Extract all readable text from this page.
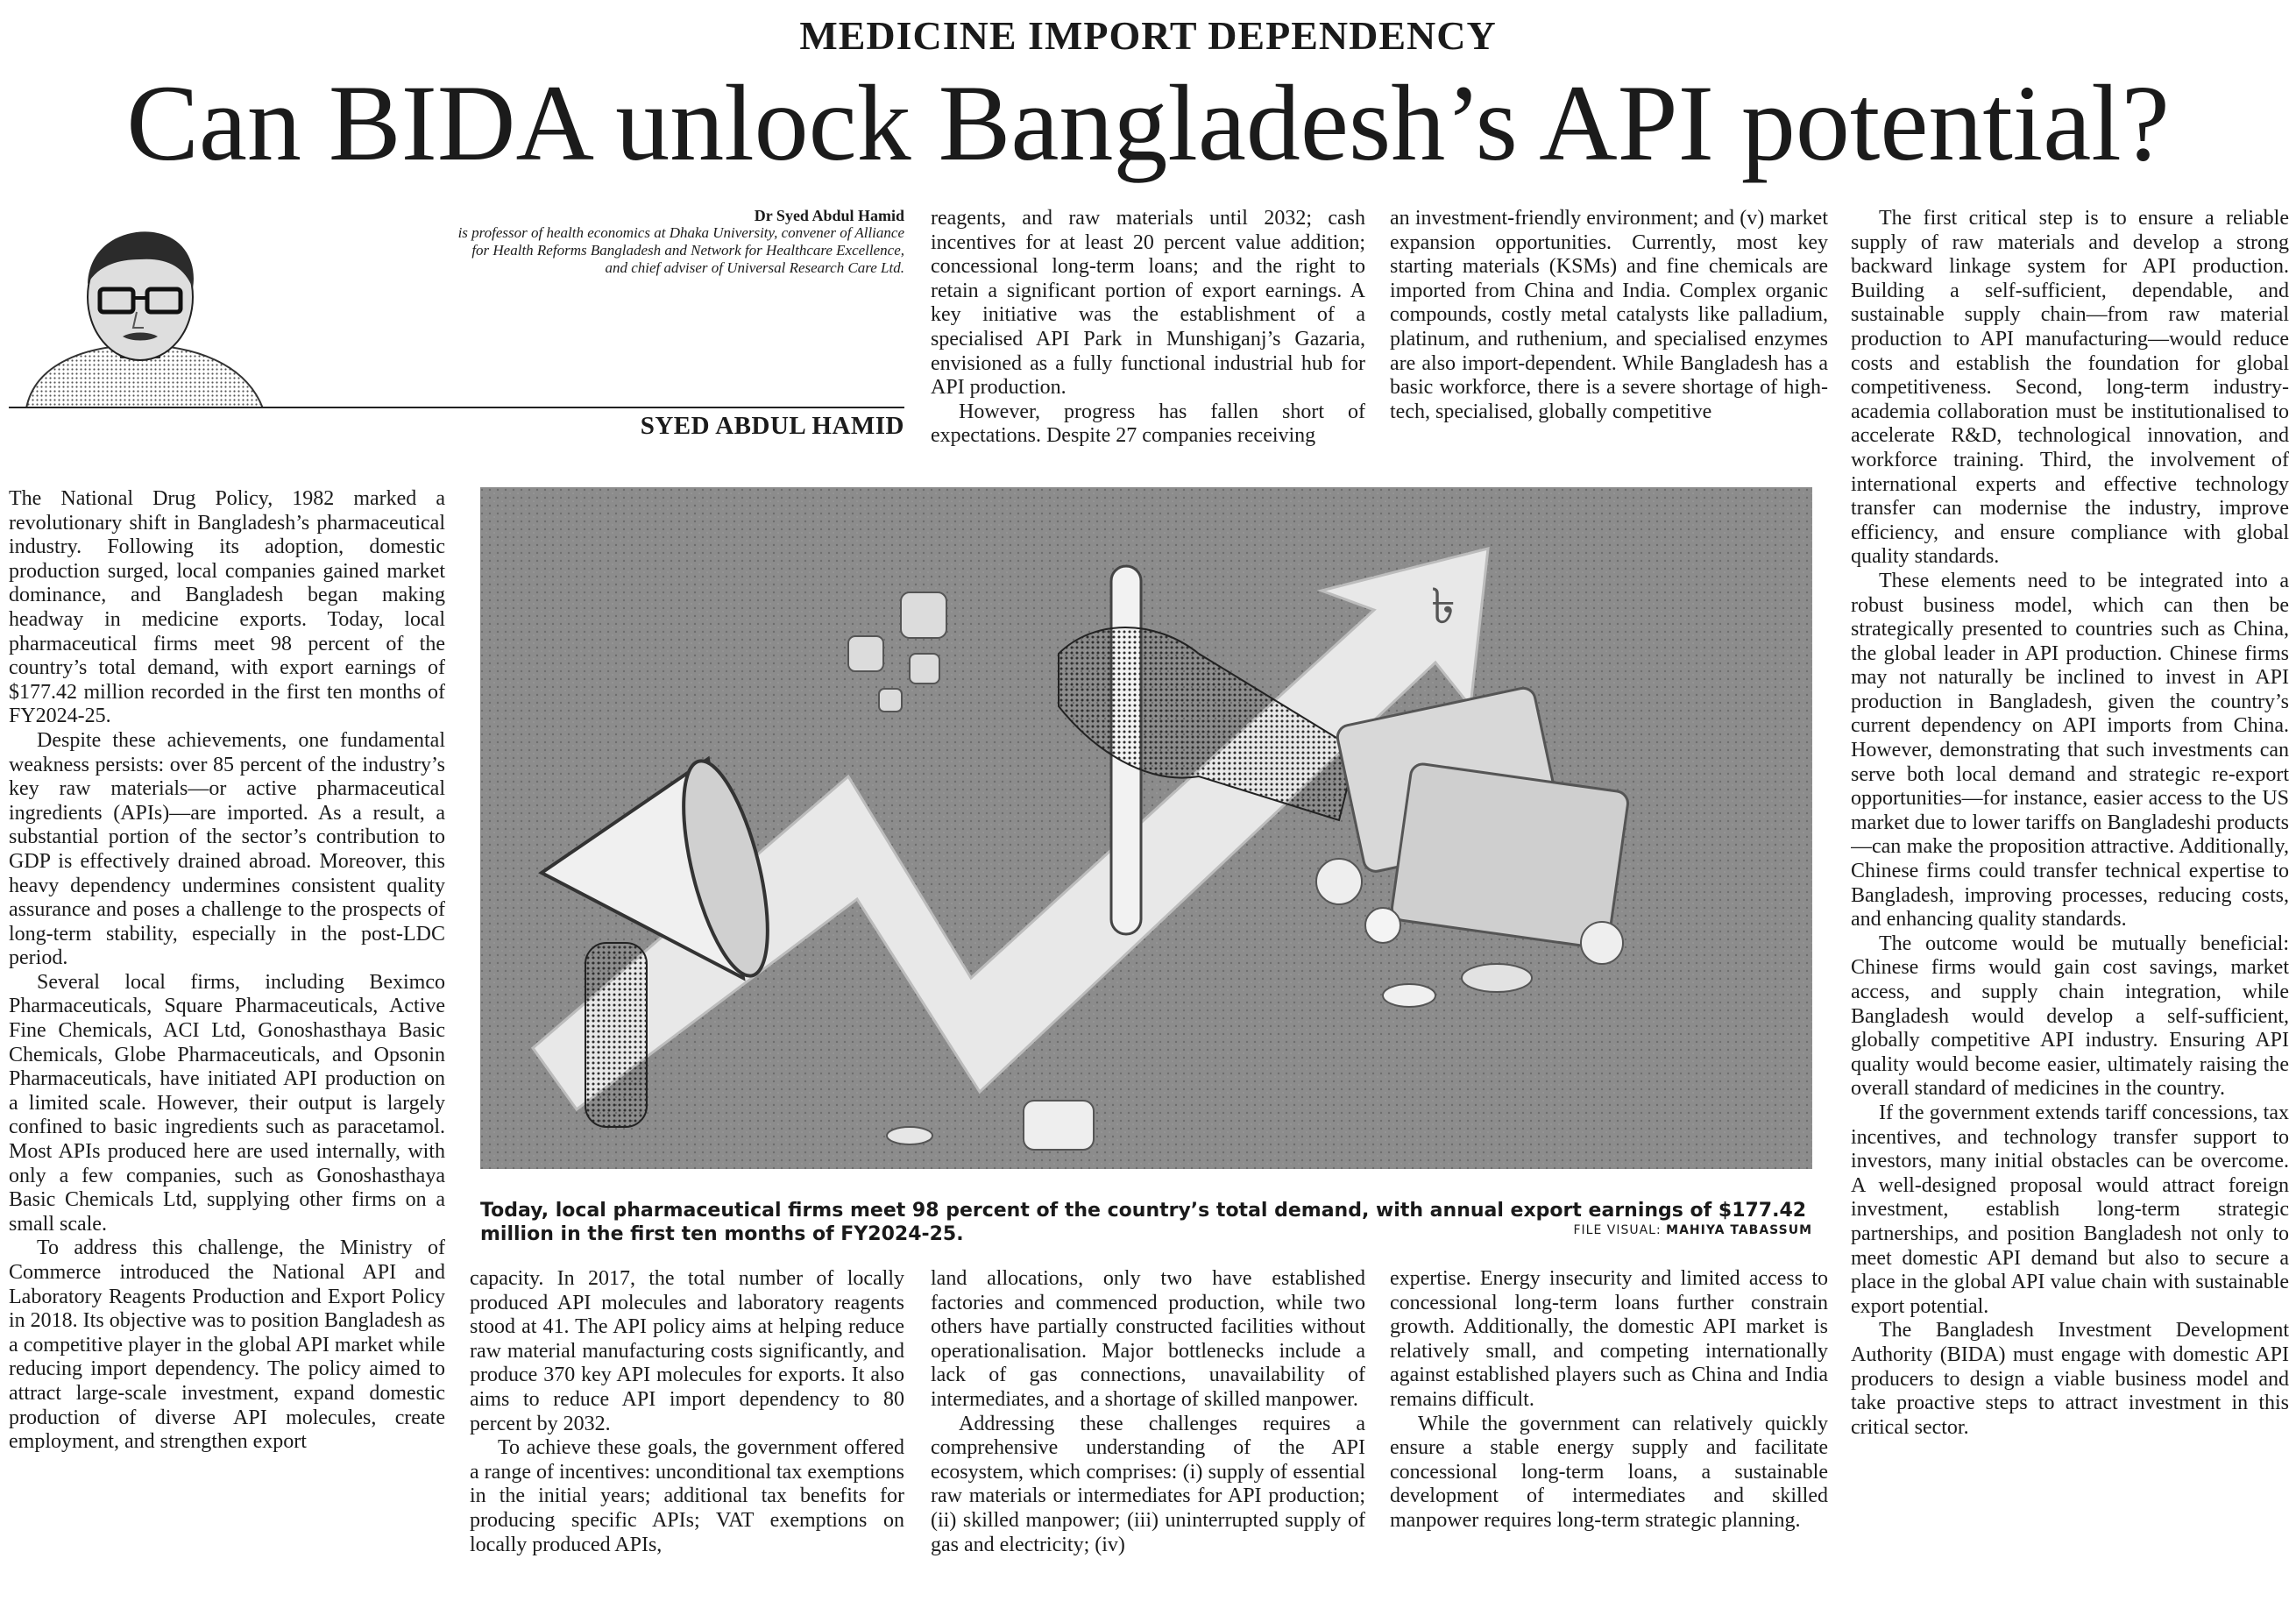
MEDICINE IMPORT DEPENDENCY
Can BIDA unlock Bangladesh’s API potential?
Dr Syed Abdul Hamid
is professor of health economics at Dhaka University, convener of Alliance for Health Reforms Bangladesh and Network for Healthcare Excellence, and chief adviser of Universal Research Care Ltd.
SYED ABDUL HAMID

The National Drug Policy, 1982 marked a revolutionary shift in Bangladesh’s pharmaceutical industry. Following its adoption, domestic production surged, local companies gained market dominance, and Bangladesh began making headway in medicine exports. Today, local pharmaceutical firms meet 98 percent of the country’s total demand, with export earnings of $177.42 million recorded in the first ten months of FY2024-25.

Despite these achievements, one fundamental weakness persists: over 85 percent of the industry’s key raw materials—or active pharmaceutical ingredients (APIs)—are imported. As a result, a substantial portion of the sector’s contribution to GDP is effectively drained abroad. Moreover, this heavy dependency undermines consistent quality assurance and poses a challenge to the prospects of long-term stability, especially in the post-LDC period.

Several local firms, including Beximco Pharmaceuticals, Square Pharmaceuticals, Active Fine Chemicals, ACI Ltd, Gonoshasthaya Basic Chemicals, Globe Pharmaceuticals, and Opsonin Pharmaceuticals, have initiated API production on a limited scale. However, their output is largely confined to basic ingredients such as paracetamol. Most APIs produced here are used internally, with only a few companies, such as Gonoshasthaya Basic Chemicals Ltd, supplying other firms on a small scale.

To address this challenge, the Ministry of Commerce introduced the National API and Laboratory Reagents Production and Export Policy in 2018. Its objective was to position Bangladesh as a competitive player in the global API market while reducing import dependency. The policy aimed to attract large-scale investment, expand domestic production of diverse API molecules, create employment, and strengthen export

reagents, and raw materials until 2032; cash incentives for at least 20 percent value addition; concessional long-term loans; and the right to retain a significant portion of export earnings. A key initiative was the establishment of a specialised API Park in Munshiganj’s Gazaria, envisioned as a fully functional industrial hub for API production.

However, progress has fallen short of expectations. Despite 27 companies receiving

an investment-friendly environment; and (v) market expansion opportunities. Currently, most key starting materials (KSMs) and fine chemicals are imported from China and India. Complex organic compounds, costly metal catalysts like palladium, platinum, and ruthenium, and specialised enzymes are also import-dependent. While Bangladesh has a basic workforce, there is a severe shortage of high-tech, specialised, globally competitive

৳
Today, local pharmaceutical firms meet 98 percent of the country’s total demand, with annual export earnings of $177.42 million in the first ten months of FY2024-25.	FILE VISUAL: MAHIYA TABASSUM

capacity. In 2017, the total number of locally produced API molecules and laboratory reagents stood at 41. The API policy aims at helping reduce raw material manufacturing costs significantly, and produce 370 key API molecules for exports. It also aims to reduce API import dependency to 80 percent by 2032.

To achieve these goals, the government offered a range of incentives: unconditional tax exemptions in the initial years; additional tax benefits for producing specific APIs; VAT exemptions on locally produced APIs,

land allocations, only two have established factories and commenced production, while two others have partially constructed facilities without operationalisation. Major bottlenecks include a lack of gas connections, unavailability of intermediates, and a shortage of skilled manpower.

Addressing these challenges requires a comprehensive understanding of the API ecosystem, which comprises: (i) supply of essential raw materials or intermediates for API production; (ii) skilled manpower; (iii) uninterrupted supply of gas and electricity; (iv)

expertise. Energy insecurity and limited access to concessional long-term loans further constrain growth. Additionally, the domestic API market is relatively small, and competing internationally against established players such as China and India remains difficult.

While the government can relatively quickly ensure a stable energy supply and facilitate concessional long-term loans, a sustainable development of intermediates and skilled manpower requires long-term strategic planning.

The first critical step is to ensure a reliable supply of raw materials and develop a strong backward linkage system for API production. Building a self-sufficient, dependable, and sustainable supply chain—from raw material production to API manufacturing—would reduce costs and establish the foundation for global competitiveness. Second, long-term industry-academia collaboration must be institutionalised to accelerate R&D, technological innovation, and workforce training. Third, the involvement of international experts and effective technology transfer can modernise the industry, improve efficiency, and ensure compliance with global quality standards.

These elements need to be integrated into a robust business model, which can then be strategically presented to countries such as China, the global leader in API production. Chinese firms may not naturally be inclined to invest in API production in Bangladesh, given the country’s current dependency on API imports from China. However, demonstrating that such investments can serve both local demand and strategic re-export opportunities—for instance, easier access to the US market due to lower tariffs on Bangladeshi products—can make the proposition attractive. Additionally, Chinese firms could transfer technical expertise to Bangladesh, improving processes, reducing costs, and enhancing quality standards.

The outcome would be mutually beneficial: Chinese firms would gain cost savings, market access, and supply chain integration, while Bangladesh would develop a self-sufficient, globally competitive API industry. Ensuring API quality would become easier, ultimately raising the overall standard of medicines in the country.

If the government extends tariff concessions, tax incentives, and technology transfer support to investors, many initial obstacles can be overcome. A well-designed proposal would attract foreign investment, establish long-term strategic partnerships, and position Bangladesh not only to meet domestic API demand but also to secure a place in the global API value chain with sustainable export potential.

The Bangladesh Investment Development Authority (BIDA) must engage with domestic API producers to design a viable business model and take proactive steps to attract investment in this critical sector.
